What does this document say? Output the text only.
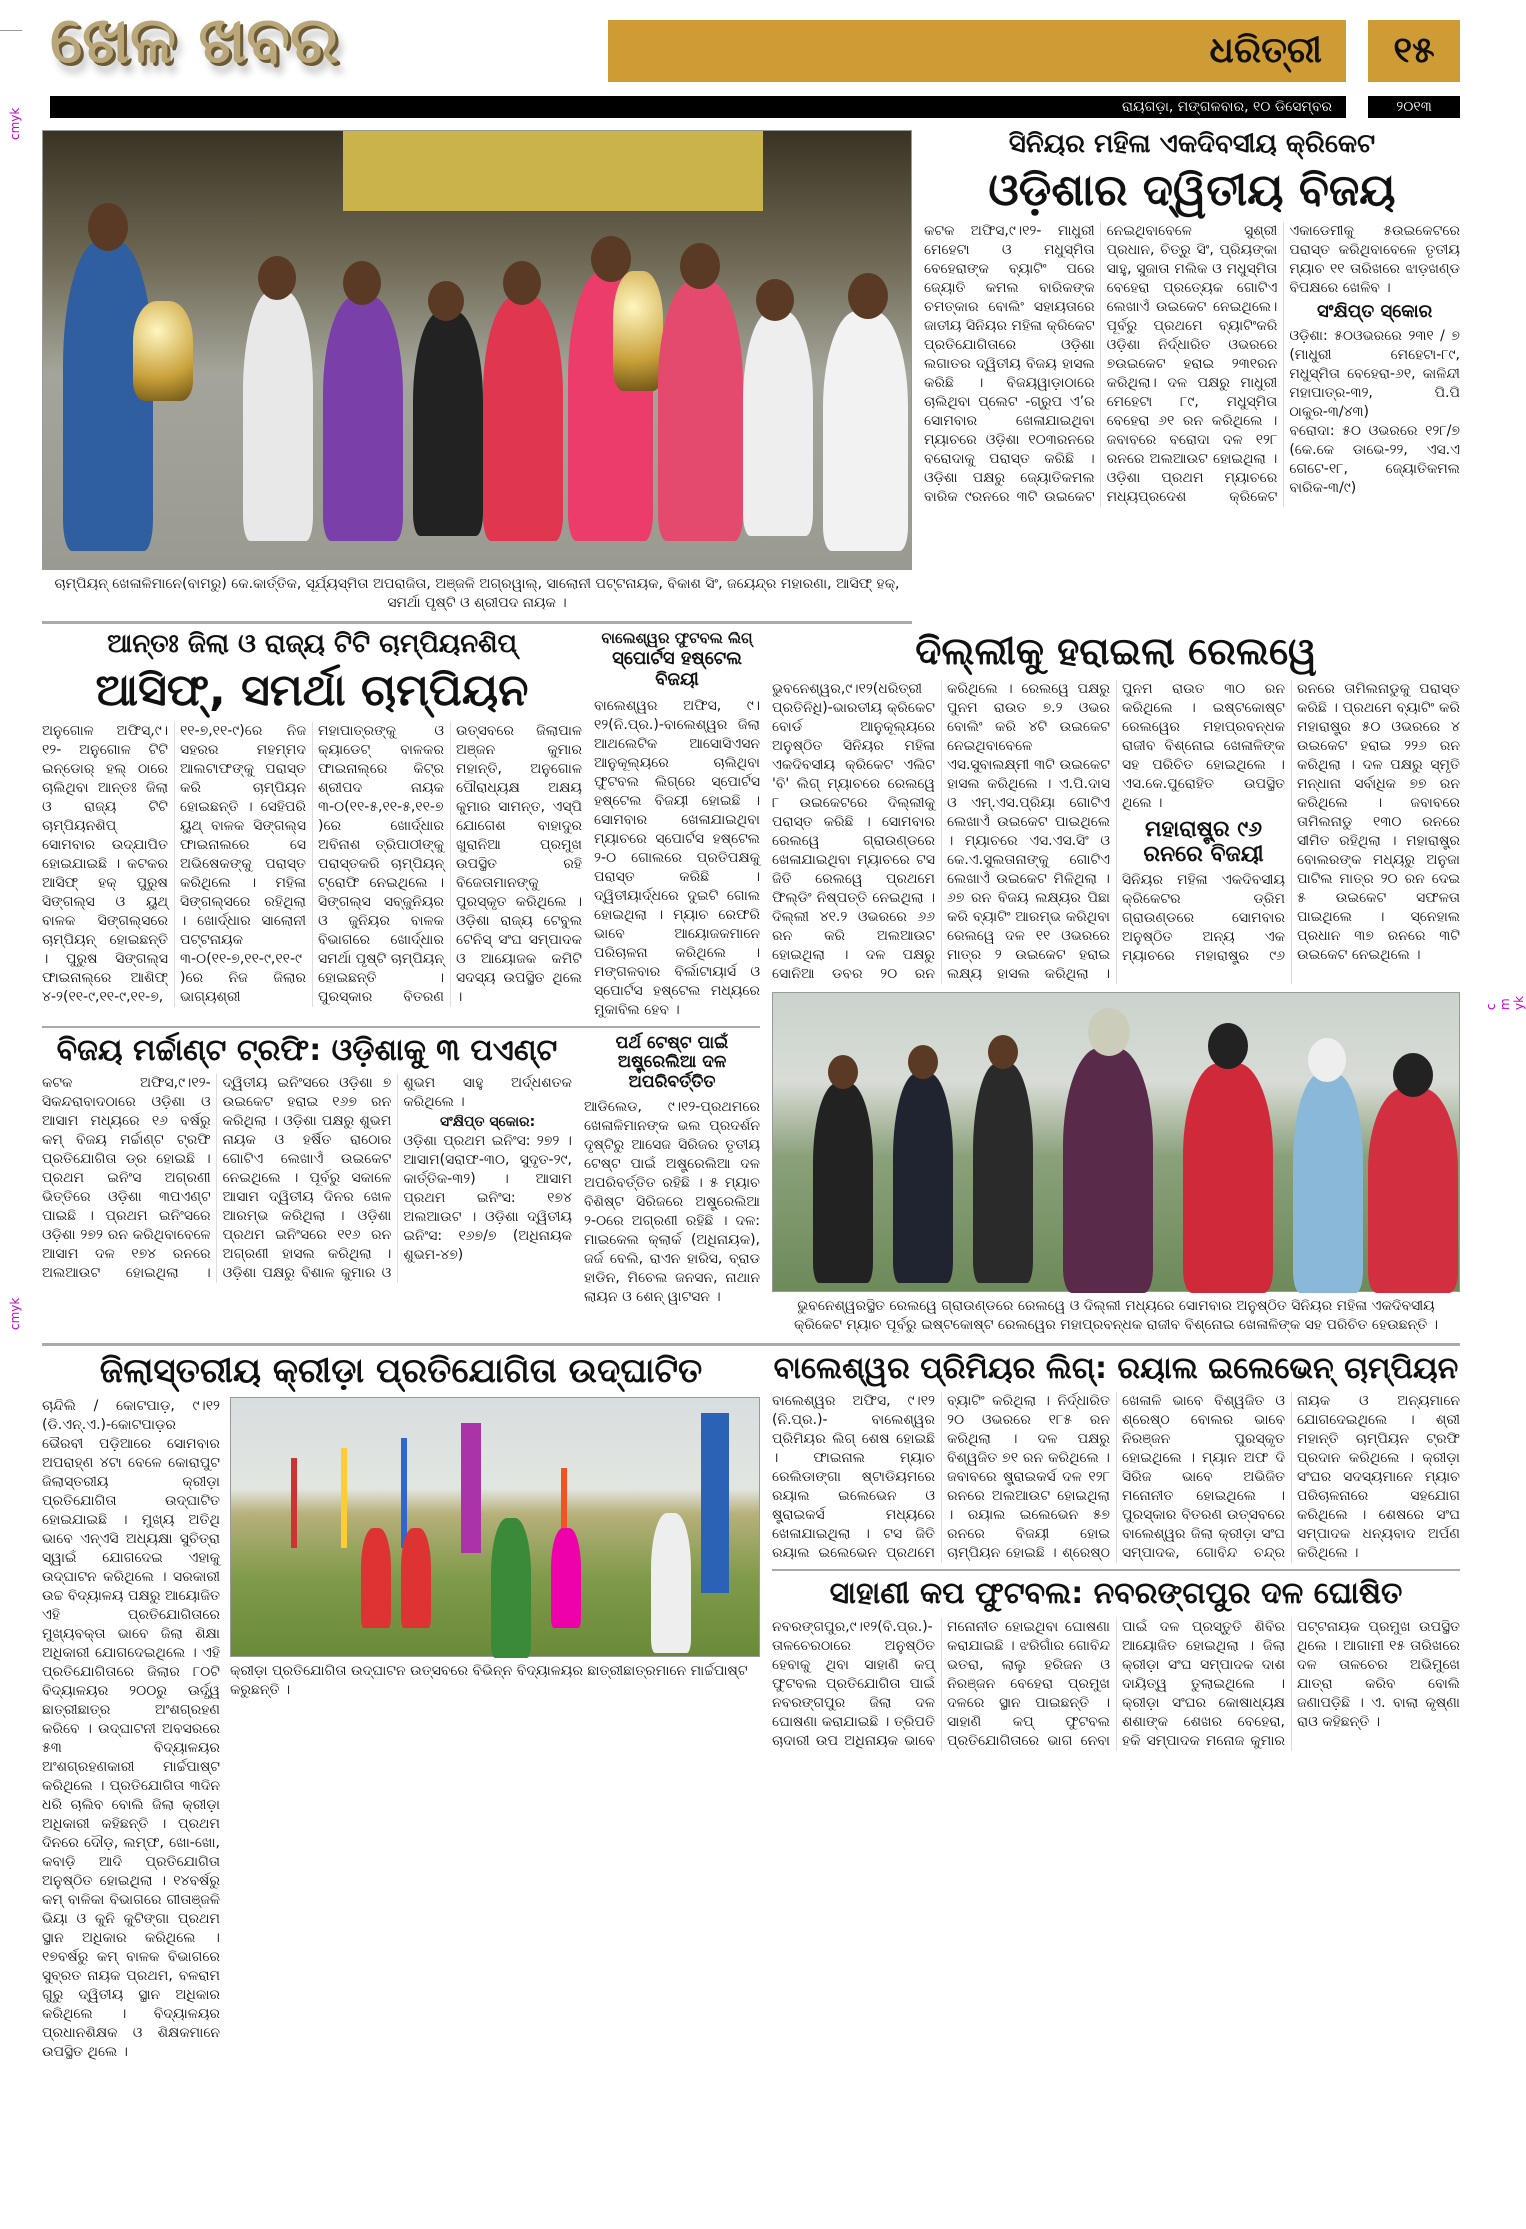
cmyk
cmyk
cmyk
ଖେଳ ଖବର	ଧରିତ୍ରୀ	୧୫
ରାୟଗଡ଼ା, ମଙ୍ଗଳବାର, ୧୦ ଡିସେମ୍ବର	୨୦୧୩
ଚାମ୍ପିୟନ୍ ଖେଳାଳିମାନେ(ବାମରୁ) କେ.କାର୍ତ୍ତିକ, ସୂର୍ଯ୍ୟସ୍ମିତା ଅପରାଜିତା, ଅଞ୍ଜଳି ଅଗ୍ରୱାଲ୍, ସାଲୋନୀ ପଟ୍ଟନାୟକ, ବିକାଶ ସିଂ, ଜୟେନ୍ଦ୍ର ମହାରଣା, ଆସିଫ୍ ହକ୍, ସମର୍ଥା ପୃଷ୍ଟି ଓ ଶ୍ରୀପଦ ନାୟକ ।
ସିନିୟର ମହିଳା ଏକଦିବସୀୟ କ୍ରିକେଟ
ଓଡ଼ିଶାର ଦ୍ୱିତୀୟ ବିଜୟ
କଟକ ଅଫିସ,୯।୧୨- ମାଧୁରୀ ମେହେଟା ଓ ମଧୁସ୍ମିତା ବେହେରାଙ୍କ ବ୍ୟାଟିଂ ପରେ ଜ୍ୟୋତି କମଲ ବାରିକଙ୍କ ଚମତ୍କାର ବୋଲିଂ ସହାୟତାରେ ଜାତୀୟ ସିନିୟର ମହିଳା କ୍ରିକେଟ ପ୍ରତିଯୋଗିତାରେ ଓଡ଼ିଶା ଲଗାତର ଦ୍ୱିତୀୟ ବିଜୟ ହାସଲ କରିଛି । ବିଜୟୱାଡ଼ାଠାରେ ଚାଲିଥିବା ପ୍ଲେଟ -ଗ୍ରୁପ ଏ’ର ସୋମବାର ଖେଳାଯାଇଥିବା ମ୍ୟାଚରେ ଓଡ଼ିଶା ୧୦୩ରନରେ ବରୋଦାକୁ ପରାସ୍ତ କରିଛି । ଓଡ଼ିଶା ପକ୍ଷରୁ ଜ୍ୟୋତିକମଲ ବାରିକ ୯ରନରେ ୩ଟି ଉଇକେଟ ନେଇଥିବାବେଳେ ସୁଶ୍ରୀ ପ୍ରଧାନ, ଚିତ୍ରୁ ସିଂ, ପ୍ରିୟଙ୍କା ସାହୁ, ସୁଜାତା ମଲିକ ଓ ମଧୁସ୍ମିତା ବେହେରା ପ୍ରତ୍ୟେକ ଗୋଟିଏ ଲେଖାଏଁ ଉଇକେଟ ନେଇଥିଲେ। ପୂର୍ବରୁ ପ୍ରଥମେ ବ୍ୟାଟିଂକରି ଓଡ଼ିଶା ନିର୍ଦ୍ଧାରିତ ଓଭରରେ ୭ଉଇକେଟ ହରାଇ ୨୩୧ରନ କରିଥିଲା। ଦଳ ପକ୍ଷରୁ ମାଧୁରୀ ମେହେଟା ୮୯, ମଧୁସ୍ମିତା ବେହେରା ୬୧ ରନ କରିଥିଲେ । ଜବାବରେ ବରୋଦା ଦଳ ୧୨୮ ରନରେ ଅଲଆଉଟ ହୋଇଥିଲା । ଓଡ଼ିଶା ପ୍ରଥମ ମ୍ୟାଚରେ ମଧ୍ୟପ୍ରଦେଶ କ୍ରିକେଟ ଏକାଡେମୀକୁ ୫ଉଇକେଟରେ ପରାସ୍ତ କରିଥିବାବେଳେ ତୃତୀୟ ମ୍ୟାଚ ୧୧ ତାରିଖରେ ଝାଡ଼ଖଣ୍ଡ ବିପକ୍ଷରେ ଖେଳିବ ।
ସଂକ୍ଷିପ୍ତ ସ୍କୋର
ଓଡ଼ିଶା: ୫୦ଓଭରରେ ୨୩୧ / ୭ (ମାଧୁରୀ ମେହେଟା-୮୯, ମଧୁସ୍ମିତା ବେହେରା-୬୧, କାଳିନ୍ଦୀ ମହାପାତ୍ର-୩୨, ପି.ପି ଠାକୁର-୩/୪୩)
ବରୋଦା: ୫୦ ଓଭରରେ ୧୨୮/୭ (କେ.କେ ଡାଭେ-୨୨, ଏସ.ଏ ଗେଟେ-୧୮, ଜ୍ୟୋତିକମଲ ବାରିକ-୩/୯)
ଆନ୍ତଃ ଜିଲା ଓ ରାଜ୍ୟ ଟିଟି ଚାମ୍ପିୟନଶିପ୍
ଆସିଫ୍, ସମର୍ଥା ଚାମ୍ପିୟନ
ଅନୁଗୋଳ ଅଫିସ୍,୯।୧୨- ଅନୁଗୋଳ ଟିଟି ଇନ୍‌ଡୋର୍ ହଲ୍ ଠାରେ ଚାଲିଥିବା ଆନ୍ତଃ ଜିଲା ଓ ରାଜ୍ୟ ଟିଟି ଚାମ୍ପିୟନଶିପ୍ ସୋମବାର ଉଦ୍‌ଯାପିତ ହୋଇଯାଇଛି । କଟକର ଆସିଫ୍ ହକ୍ ପୁରୁଷ ସିଙ୍ଗଲ୍ସ ଓ ୟୁଥ୍ ବାଳକ ସିଙ୍ଗଲ୍ସରେ ଚାମ୍ପିୟନ୍ ହୋଇଛନ୍ତି । ପୁରୁଷ ସିଙ୍ଗଲ୍ସ ଫାଇନାଲ୍‌ରେ ଆଶିଫ୍ ୪-୨(୧୧-୯,୧୧-୯,୧୧-୭,୧୧-୭,୧୧-୯)ରେ ନିଜ ସହରର ମହମ୍ମଦ ଆଲଟାଫଙ୍କୁ ପରାସ୍ତ କରି ଚାମ୍ପିୟନ ହୋଇଛନ୍ତି । ସେହିପରି ୟୁଥ୍ ବାଳକ ସିଙ୍ଗଲ୍ସ ଫାଇନାଲରେ ସେ ଅଭିଷେକଙ୍କୁ ପରାସ୍ତ କରିଥିଲେ । ମହିଳା ସିଙ୍ଗଲ୍ସରେ ରହିଥିଲା । ଖୋର୍ଦ୍ଧାର ସାଲୋନୀ ପଟ୍ଟନାୟକ ୩-୦(୧୧-୭,୧୧-୯,୧୧-୯)ରେ ନିଜ ଜିଲାର ଭାଗ୍ୟଶ୍ରୀ ମହାପାତ୍ରଙ୍କୁ ଓ କ୍ୟାଡେଟ୍ ବାଳକର ଫାଇନାଲ୍‌ରେ କିଟ୍‌ର ଶ୍ରୀପଦ ନାୟକ ୩-୦(୧୧-୫,୧୧-୫,୧୧-୭)ରେ ଖୋର୍ଦ୍ଧାର ଅବିନାଶ ତ୍ରିପାଠୀଙ୍କୁ ପରାସ୍ତକରି ଚାମ୍ପିୟନ୍ ଟ୍ରୋଫି ନେଇଥିଲେ । ସିଙ୍ଗଲ୍ସ ସବ୍‌ଜୁନିୟର ଓ ଜୁନିୟର ବାଳକ ବିଭାଗରେ ଖୋର୍ଦ୍ଧାର ସମର୍ଥା ପୃଷ୍ଟି ଚାମ୍ପିୟନ୍ ହୋଇଛନ୍ତି । ପୁରସ୍କାର ବିତରଣ ଉତ୍ସବରେ ଜିଲାପାଳ ଅଞ୍ଜନ କୁମାର ମହାନ୍ତି, ଅନୁଗୋଳ ପୌରାଧ୍ୟକ୍ଷ ଅକ୍ଷୟ କୁମାର ସାମନ୍ତ, ଏସ୍‌ପି ଯୋଗେଶ ବାହାଦୁର ଖୁରାନିଆ ପ୍ରମୁଖ ଉପସ୍ଥିତ ରହି ବିଜେତାମାନଙ୍କୁ ପୁରସ୍କୃତ କରିଥିଲେ । ଓଡ଼ିଶା ରାଜ୍ୟ ଟେବୁଲ ଟେନିସ୍ ସଂଘ ସମ୍ପାଦକ ଓ ଆୟୋଜକ କମିଟି ସଦସ୍ୟ ଉପସ୍ଥିତ ଥିଲେ ।
ବାଲେଶ୍ୱର ଫୁଟବଲ ଲିଗ୍
ସ୍ପୋର୍ଟସ ହଷ୍ଟେଲ ବିଜୟୀ
ବାଲେଶ୍ୱର ଅଫିସ, ୯।୧୨(ନି.ପ୍ର.)-ବାଲେଶ୍ୱର ଜିଲା ଆଥଲେଟିକ ଆସୋସିଏସନ ଆନୁକୂଲ୍ୟରେ ଚାଲିଥିବା ଫୁଟବଲ ଲିଗ୍‌ରେ ସ୍ପୋର୍ଟସ ହଷ୍ଟେଲ ବିଜୟୀ ହୋଇଛି । ସୋମବାର ଖେଳାଯାଇଥିବା ମ୍ୟାଚରେ ସ୍ପୋର୍ଟସ ହଷ୍ଟେଲ ୨-୦ ଗୋଲରେ ପ୍ରତିପକ୍ଷକୁ ପରାସ୍ତ କରିଛି । ଦ୍ୱିତୀୟାର୍ଦ୍ଧରେ ଦୁଇଟି ଗୋଲ ହୋଇଥିଲା । ମ୍ୟାଚ ରେଫରି ଭାବେ ଆୟୋଜକମାନେ ପରିଚାଳନା କରିଥିଲେ । ମଙ୍ଗଳବାର ବିର୍ଲାଟାୟାର୍ସ ଓ ସ୍ପୋର୍ଟସ ହଷ୍ଟେଲ ମଧ୍ୟରେ ମୁକାବିଲ ହେବ ।
ବିଜୟ ମର୍ଚ୍ଚାଣ୍ଟ ଟ୍ରଫି: ଓଡ଼ିଶାକୁ ୩ ପଏଣ୍ଟ
କଟକ ଅଫିସ,୯।୧୨-ସିକନ୍ଦରାବାଦଠାରେ ଓଡ଼ିଶା ଓ ଆସାମ ମଧ୍ୟରେ ୧୬ ବର୍ଷରୁ କମ୍ ବିଜୟ ମର୍ଚ୍ଚାଣ୍ଟ ଟ୍ରଫି ପ୍ରତିଯୋଗିତା ଡ୍ର ହୋଇଛି । ପ୍ରଥମ ଇନିଂସ ଅଗ୍ରଣୀ ଭିତ୍ତିରେ ଓଡ଼ିଶା ୩ପଏଣ୍ଟ ପାଇଛି । ପ୍ରଥମ ଇନିଂସରେ ଓଡ଼ିଶା ୨୭୨ ରନ କରିଥିବାବେଳେ ଆସାମ ଦଳ ୧୭୪ ରନରେ ଅଲଆଉଟ ହୋଇଥିଲା । ଦ୍ୱିତୀୟ ଇନିଂସରେ ଓଡ଼ିଶା ୭ ଉଇକେଟ ହରାଇ ୧୬୭ ରନ କରିଥିଲା । ଓଡ଼ିଶା ପକ୍ଷରୁ ଶୁଭମ ନାୟକ ଓ ହର୍ଷିତ ରାଠୋର ଗୋଟିଏ ଲେଖାଏଁ ଉଇକେଟ ନେଇଥିଲେ । ପୂର୍ବରୁ ସକାଳେ ଆସାମ ଦ୍ୱିତୀୟ ଦିନର ଖେଳ ଆରମ୍ଭ କରିଥିଲା । ଓଡ଼ିଶା ପ୍ରଥମ ଇନିଂସରେ ୧୧୬ ରନ ଅଗ୍ରଣୀ ହାସଲ କରିଥିଲା । ଓଡ଼ିଶା ପକ୍ଷରୁ ବିଶାଳ କୁମାର ଓ ଶୁଭମ ସାହୁ ଅର୍ଦ୍ଧଶତକ କରିଥିଲେ ।
ସଂକ୍ଷିପ୍ତ ସ୍କୋର:
ଓଡ଼ିଶା ପ୍ରଥମ ଇନିଂସ: ୨୭୨ । ଆସାମ(ସରାଫ-୩୦, ସୁଦୃତ-୨୯, କାର୍ତ୍ତିକ-୩୨) । ଆସାମ ପ୍ରଥମ ଇନିଂସ: ୧୭୪ ଅଲଆଉଟ । ଓଡ଼ିଶା ଦ୍ୱିତୀୟ ଇନିଂସ: ୧୬୭/୭ (ଅଧିନାୟକ ଶୁଭମ-୪୭)
ପର୍ଥ ଟେଷ୍ଟ ପାଇଁ ଅଷ୍ଟ୍ରେଲିଆ ଦଳ ଅପରିବର୍ତ୍ତିତ
ଆଡିଲେଡ, ୯।୧୨-ପ୍ରଥମରେ ଖେଳାଳିମାନଙ୍କ ଭଲ ପ୍ରଦର୍ଶନ ଦୃଷ୍ଟିରୁ ଆସେଜ ସିରିଜର ତୃତୀୟ ଟେଷ୍ଟ ପାଇଁ ଅଷ୍ଟ୍ରେଲିଆ ଦଳ ଅପରିବର୍ତ୍ତିତ ରହିଛି । ୫ ମ୍ୟାଚ ବିଶିଷ୍ଟ ସିରିଜରେ ଅଷ୍ଟ୍ରେଲିଆ ୨-୦ରେ ଅଗ୍ରଣୀ ରହିଛି । ଦଳ: ମାଇକେଲ କ୍ଲାର୍କ (ଅଧିନାୟକ), ଜର୍ଜ ବେଲି, ରାଏନ ହାରିସ, ବ୍ରାଡ ହାଡିନ, ମିଚେଲ ଜନସନ, ନାଥାନ ଲାୟନ ଓ ଶେନ୍ ୱାଟସନ ।
ଦିଲ୍ଲୀକୁ ହରାଇଲା ରେଲୱେ
ଭୁବନେଶ୍ୱର,୯।୧୨(ଧରିତ୍ରୀ ପ୍ରତିନିଧି)-ଭାରତୀୟ କ୍ରିକେଟ ବୋର୍ଡ ଆନୁକୂଲ୍ୟରେ ଅନୁଷ୍ଠିତ ସିନିୟର ମହିଳା ଏକଦିବସୀୟ କ୍ରିକେଟ ଏଲିଟ 'ବି' ଲିଗ୍ ମ୍ୟାଚରେ ରେଲୱେ ୮ ଉଇକେଟରେ ଦିଲ୍ଲୀକୁ ପରାସ୍ତ କରିଛି । ସୋମବାର ରେଲୱେ ଗ୍ରାଉଣ୍ଡରେ ଖେଳାଯାଇଥିବା ମ୍ୟାଚରେ ଟସ ଜିତି ରେଲୱେ ପ୍ରଥମେ ଫିଲ୍ଡିଂ ନିଷ୍ପତ୍ତି ନେଇଥିଲା । ଦିଲ୍ଲୀ ୪୧.୨ ଓଭରରେ ୬୬ ରନ କରି ଅଲଆଉଟ ହୋଇଥିଲା । ଦଳ ପକ୍ଷରୁ ସୋନିଆ ଡବର ୨୦ ରନ କରିଥିଲେ । ରେଲୱେ ପକ୍ଷରୁ ପୁନମ ରାଉତ ୭.୨ ଓଭର ବୋଲିଂ କରି ୪ଟି ଉଇକେଟ ନେଇଥିବାବେଳେ ଏସ.ସୁବାଲକ୍ଷ୍ମୀ ୩ଟି ଉଇକେଟ ହାସଲ କରିଥିଲେ । ଏ.ପି.ଦାସ ଓ ଏମ୍.ଏସ.ପ୍ରିୟା ଗୋଟିଏ ଲେଖାଏଁ ଉଇକେଟ ପାଇଥିଲେ । ମ୍ୟାଚରେ ଏସ.ଏସ.ସିଂ ଓ କେ.ଏ.ସୁଲତାନାଙ୍କୁ ଗୋଟିଏ ଲେଖାଏଁ ଉଇକେଟ ମିଳିଥିଲା । ୬୭ ରନ ବିଜୟ ଲକ୍ଷ୍ୟର ପିଛା କରି ବ୍ୟାଟିଂ ଆରମ୍ଭ କରିଥିବା ରେଲୱେ ଦଳ ୧୧ ଓଭରରେ ମାତ୍ର ୨ ଉଇକେଟ ହରାଇ ଲକ୍ଷ୍ୟ ହାସଲ କରିଥିଲା । ପୁନମ ରାଉତ ୩୦ ରନ କରିଥିଲେ । ଇଷ୍ଟକୋଷ୍ଟ ରେଲୱେର ମହାପ୍ରବନ୍ଧକ ରାଜୀବ ବିଶ୍ନୋଇ ଖେଳାଳିଙ୍କ ସହ ପରିଚିତ ହୋଇଥିଲେ । ଏସ.କେ.ପୁରୋହିତ ଉପସ୍ଥିତ ଥିଲେ ।
ମହାରାଷ୍ଟ୍ର ୯୬ ରନରେ ବିଜୟୀ
ସିନିୟର ମହିଳା ଏକଦିବସୀୟ କ୍ରିକେଟର ଡ୍ରିମ ଗ୍ରାଉଣ୍ଡରେ ସୋମବାର ଅନୁଷ୍ଠିତ ଅନ୍ୟ ଏକ ମ୍ୟାଚରେ ମହାରାଷ୍ଟ୍ର ୯୬ ରନରେ ତାମିଲନାଡୁକୁ ପରାସ୍ତ କରିଛି । ପ୍ରଥମେ ବ୍ୟାଟିଂ କରି ମହାରାଷ୍ଟ୍ର ୫୦ ଓଭରରେ ୪ ଉଇକେଟ ହରାଇ ୨୨୬ ରନ କରିଥିଲା । ଦଳ ପକ୍ଷରୁ ସ୍ମୃତି ମନ୍ଧାନା ସର୍ବାଧିକ ୭୭ ରନ କରିଥିଲେ । ଜବାବରେ ତାମିଲନାଡୁ ୧୩୦ ରନରେ ସୀମିତ ରହିଥିଲା । ମହାରାଷ୍ଟ୍ର ବୋଲରଙ୍କ ମଧ୍ୟରୁ ଅନୁଜା ପାଟିଲ ମାତ୍ର ୨୦ ରନ ଦେଇ ୫ ଉଇକେଟ ସଫଳତା ପାଇଥିଲେ । ସ୍ନେହାଲ ପ୍ରଧାନ ୩୭ ରନରେ ୩ଟି ଉଇକେଟ ନେଇଥିଲେ ।
ଭୁବନେଶ୍ୱରସ୍ଥିତ ରେଲୱେ ଗ୍ରାଉଣ୍ଡରେ ରେଲୱେ ଓ ଦିଲ୍ଲୀ ମଧ୍ୟରେ ସୋମବାର ଅନୁଷ୍ଠିତ ସିନିୟର ମହିଳା ଏକଦିବସୀୟ କ୍ରିକେଟ ମ୍ୟାଚ ପୂର୍ବରୁ ଇଷ୍ଟକୋଷ୍ଟ ରେଲୱେର ମହାପ୍ରବନ୍ଧକ ରାଜୀବ ବିଶ୍ନୋଇ ଖେଳାଳିଙ୍କ ସହ ପରିଚିତ ହେଉଛନ୍ତି ।
ଜିଲାସ୍ତରୀୟ କ୍ରୀଡ଼ା ପ୍ରତିଯୋଗିତା ଉଦ୍‌ଘାଟିତ
ଚାନ୍ଦିଲି / କୋଟପାଡ଼, ୯।୧୨ (ଡି.ଏନ୍.ଏ.)-କୋଟପାଡ଼ର ଭୈରବୀ ପଡ଼ିଆରେ ସୋମବାର ଅପରାହ୍ଣ ୪ଟା ବେଳେ କୋରାପୁଟ ଜିଲାସ୍ତରୀୟ କ୍ରୀଡ଼ା ପ୍ରତିଯୋଗିତା ଉଦ୍‌ଘାଟିତ ହୋଇଯାଇଛି । ମୁଖ୍ୟ ଅତିଥି ଭାବେ ଏନ୍‌ଏସି ଅଧ୍ୟକ୍ଷା ସୁଚିତ୍ରା ସ୍ୱାଇଁ ଯୋଗଦେଇ ଏହାକୁ ଉଦ୍‌ଘାଟନ କରିଥିଲେ । ସରକାରୀ ଉଚ୍ଚ ବିଦ୍ୟାଳୟ ପକ୍ଷରୁ ଆୟୋଜିତ ଏହି ପ୍ରତିଯୋଗିତାରେ ମୁଖ୍ୟବକ୍ତା ଭାବେ ଜିଲା ଶିକ୍ଷା ଅଧିକାରୀ ଯୋଗଦେଇଥିଲେ । ଏହି ପ୍ରତିଯୋଗିତାରେ ଜିଲାର ୮୦ଟି ବିଦ୍ୟାଳୟର ୨୦୦ରୁ ଊର୍ଦ୍ଧ୍ୱ ଛାତ୍ରୀଛାତ୍ର ଅଂଶଗ୍ରହଣ କରିବେ । ଉଦ୍‌ଘାଟନୀ ଅବସରରେ ୫୩ ବିଦ୍ୟାଳୟର ଅଂଶଗ୍ରହଣକାରୀ ମାର୍ଚ୍ଚପାଷ୍ଟ କରିଥିଲେ । ପ୍ରତିଯୋଗିତା ୩ଦିନ ଧରି ଚାଲିବ ବୋଲି ଜିଲା କ୍ରୀଡ଼ା ଅଧିକାରୀ କହିଛନ୍ତି । ପ୍ରଥମ ଦିନରେ ଦୌଡ଼, ଲମ୍ଫ, ଖୋ-ଖୋ, କବାଡ଼ି ଆଦି ପ୍ରତିଯୋଗିତା ଅନୁଷ୍ଠିତ ହୋଇଥିଲା । ୧୪ବର୍ଷରୁ କମ୍ ବାଳିକା ବିଭାଗରେ ଗୀତାଞ୍ଜଳି ଭିୟା ଓ କୁନି କୁଟିଙ୍ଗା ପ୍ରଥମ ସ୍ଥାନ ଅଧିକାର କରିଥିଲେ । ୧୭ବର୍ଷରୁ କମ୍ ବାଳକ ବିଭାଗରେ ସୁବ୍ରତ ନାୟକ ପ୍ରଥମ, ବଳରାମ ଗୁରୁ ଦ୍ୱିତୀୟ ସ୍ଥାନ ଅଧିକାର କରିଥିଲେ । ବିଦ୍ୟାଳୟର ପ୍ରଧାନଶିକ୍ଷକ ଓ ଶିକ୍ଷକମାନେ ଉପସ୍ଥିତ ଥିଲେ ।
କ୍ରୀଡ଼ା ପ୍ରତିଯୋଗିତା ଉଦ୍‌ଘାଟନ ଉତ୍ସବରେ ବିଭିନ୍ନ ବିଦ୍ୟାଳୟର ଛାତ୍ରୀଛାତ୍ରମାନେ ମାର୍ଚ୍ଚପାଷ୍ଟ କରୁଛନ୍ତି ।
ବାଲେଶ୍ୱର ପ୍ରିମିୟର ଲିଗ୍: ରୟାଲ ଇଲେଭେନ୍ ଚାମ୍ପିୟନ
ବାଲେଶ୍ୱର ଅଫିସ, ୯।୧୨ (ନି.ପ୍ର.)- ବାଲେଶ୍ୱର ପ୍ରିମିୟର ଲିଗ୍ ଶେଷ ହୋଇଛି । ଫାଇନାଲ ମ୍ୟାଚ ରେଲିଡାଙ୍ଗା ଷ୍ଟାଡିୟମରେ ରୟାଲ ଇଲେଭେନ ଓ ଷ୍ଟ୍ରାଇକର୍ସ ମଧ୍ୟରେ ଖେଳାଯାଇଥିଲା । ଟସ ଜିତି ରୟାଲ ଇଲେଭେନ ପ୍ରଥମେ ବ୍ୟାଟିଂ କରିଥିଲା । ନିର୍ଦ୍ଧାରିତ ୨୦ ଓଭରରେ ୧୮୫ ରନ କରିଥିଲା । ଦଳ ପକ୍ଷରୁ ବିଶ୍ୱଜିତ ୭୧ ରନ କରିଥିଲେ । ଜବାବରେ ଷ୍ଟ୍ରାଇକର୍ସ ଦଳ ୧୨୮ ରନରେ ଅଲଆଉଟ ହୋଇଥିଲା । ରୟାଲ ଇଲେଭେନ ୫୭ ରନରେ ବିଜୟୀ ହୋଇ ଚାମ୍ପିୟନ ହୋଇଛି । ଶ୍ରେଷ୍ଠ ଖେଳାଳି ଭାବେ ବିଶ୍ୱଜିତ ଓ ଶ୍ରେଷ୍ଠ ବୋଲର ଭାବେ ନିରଞ୍ଜନ ପୁରସ୍କୃତ ହୋଇଥିଲେ । ମ୍ୟାନ ଅଫ ଦି ସିରିଜ ଭାବେ ଅଭିଜିତ ମନୋନୀତ ହୋଇଥିଲେ । ପୁରସ୍କାର ବିତରଣ ଉତ୍ସବରେ ବାଲେଶ୍ୱର ଜିଲା କ୍ରୀଡ଼ା ସଂଘ ସମ୍ପାଦକ, ଗୋବିନ୍ଦ ଚନ୍ଦ୍ର ନାୟକ ଓ ଅନ୍ୟମାନେ ଯୋଗଦେଇଥିଲେ । ଶ୍ରୀ ମହାନ୍ତି ଚାମ୍ପିୟନ ଟ୍ରଫି ପ୍ରଦାନ କରିଥିଲେ । କ୍ରୀଡ଼ା ସଂଘର ସଦସ୍ୟମାନେ ମ୍ୟାଚ ପରିଚାଳନାରେ ସହଯୋଗ କରିଥିଲେ । ଶେଷରେ ସଂଘ ସମ୍ପାଦକ ଧନ୍ୟବାଦ ଅର୍ପଣ କରିଥିଲେ ।
ସାହାଣୀ କପ ଫୁଟବଲ: ନବରଙ୍ଗପୁର ଦଳ ଘୋଷିତ
ନବରଙ୍ଗପୁର,୯।୧୨(ବି.ପ୍ର.)- ତାଳଚେରଠାରେ ଅନୁଷ୍ଠିତ ହେବାକୁ ଥିବା ସାହାଣି କପ୍ ଫୁଟବଲ ପ୍ରତିଯୋଗିତା ପାଇଁ ନବରଙ୍ଗପୁର ଜିଲା ଦଳ ଘୋଷଣା କରାଯାଇଛି । ତ୍ରିପତି ଚାଦାରୀ ଉପ ଅଧିନାୟକ ଭାବେ ମନୋନୀତ ହୋଇଥିବା ଘୋଷଣା କରାଯାଇଛି । ଝରିଗାଁର ଗୋବିନ୍ଦ ଭତରା, ଲାଲୁ ହରିଜନ ଓ ନିରଞ୍ଜନ ବେହେରା ପ୍ରମୁଖ ଦଳରେ ସ୍ଥାନ ପାଇଛନ୍ତି । ସାହାଣି କପ୍ ଫୁଟବଲ ପ୍ରତିଯୋଗିତାରେ ଭାଗ ନେବା ପାଇଁ ଦଳ ପ୍ରସ୍ତୁତି ଶିବିର ଆୟୋଜିତ ହୋଇଥିଲା । ଜିଲା କ୍ରୀଡ଼ା ସଂଘ ସମ୍ପାଦକ ଦାଶ ଦାୟିତ୍ୱ ତୁଲାଇଥିଲେ । କ୍ରୀଡ଼ା ସଂଘର କୋଷାଧ୍ୟକ୍ଷ ଶଶାଙ୍କ ଶେଖର ବେହେରା, ହକି ସମ୍ପାଦକ ମନୋଜ କୁମାର ପଟ୍ଟନାୟକ ପ୍ରମୁଖ ଉପସ୍ଥିତ ଥିଲେ । ଆଗାମୀ ୧୫ ତାରିଖରେ ଦଳ ତାଳଚେର ଅଭିମୁଖେ ଯାତ୍ରା କରିବ ବୋଲି ଜଣାପଡ଼ିଛି । ଏ. ବାଲା କୃଷ୍ଣା ରାଓ କହିଛନ୍ତି ।
